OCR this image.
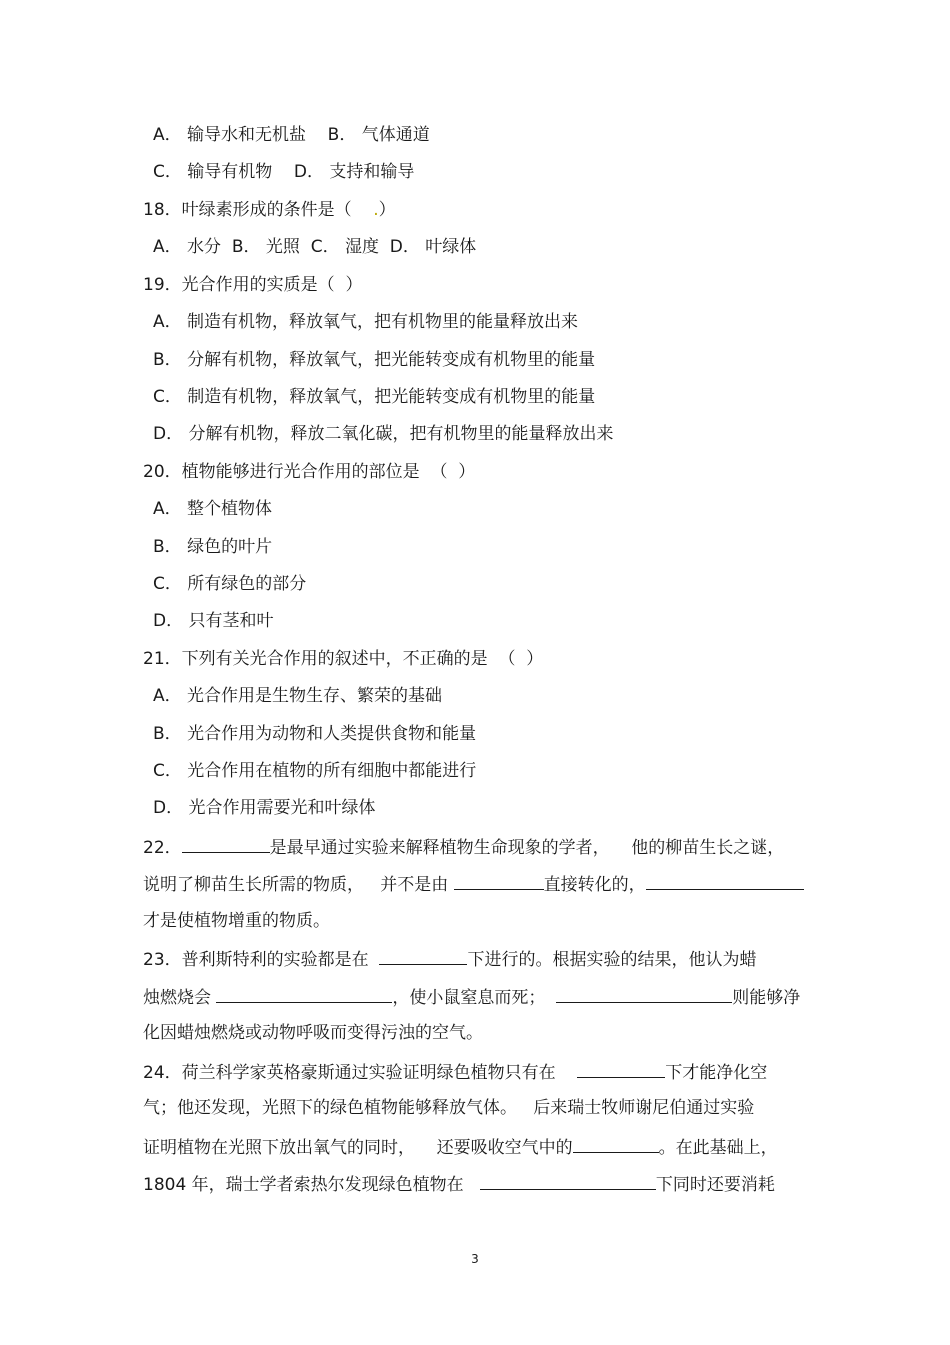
A． 输导水和无机盐 B． 气体通道
C． 输导有机物 D． 支持和输导
18．叶绿素形成的条件是（ .）
A． 水分  B． 光照  C． 湿度  D． 叶绿体
19．光合作用的实质是（  ）
A． 制造有机物，释放氧气，把有机物里的能量释放出来
B． 分解有机物，释放氧气，把光能转变成有机物里的能量
C． 制造有机物，释放氧气，把光能转变成有机物里的能量
D． 分解有机物，释放二氧化碳，把有机物里的能量释放出来
20．植物能够进行光合作用的部位是  （  ）
A． 整个植物体
B． 绿色的叶片
C． 所有绿色的部分
D． 只有茎和叶
21．下列有关光合作用的叙述中，不正确的是  （  ）
A． 光合作用是生物生存、繁荣的基础
B． 光合作用为动物和人类提供食物和能量
C． 光合作用在植物的所有细胞中都能进行
D． 光合作用需要光和叶绿体
22．	是最早通过实验来解释植物生命现象的学者，    他的柳苗生长之谜，
说明了柳苗生长所需的物质，   并不是由	直接转化的，
才是使植物增重的物质。
23．普利斯特利的实验都是在	下进行的。根据实验的结果，他认为蜡
烛燃烧会	，使小鼠窒息而死；	则能够净
化因蜡烛燃烧或动物呼吸而变得污浊的空气。
24．荷兰科学家英格豪斯通过实验证明绿色植物只有在	下才能净化空
气；他还发现，光照下的绿色植物能够释放气体。   后来瑞士牧师谢尼伯通过实验
证明植物在光照下放出氧气的同时，    还要吸收空气中的	。在此基础上，
1804 年，瑞士学者索热尔发现绿色植物在	下同时还要消耗
3
